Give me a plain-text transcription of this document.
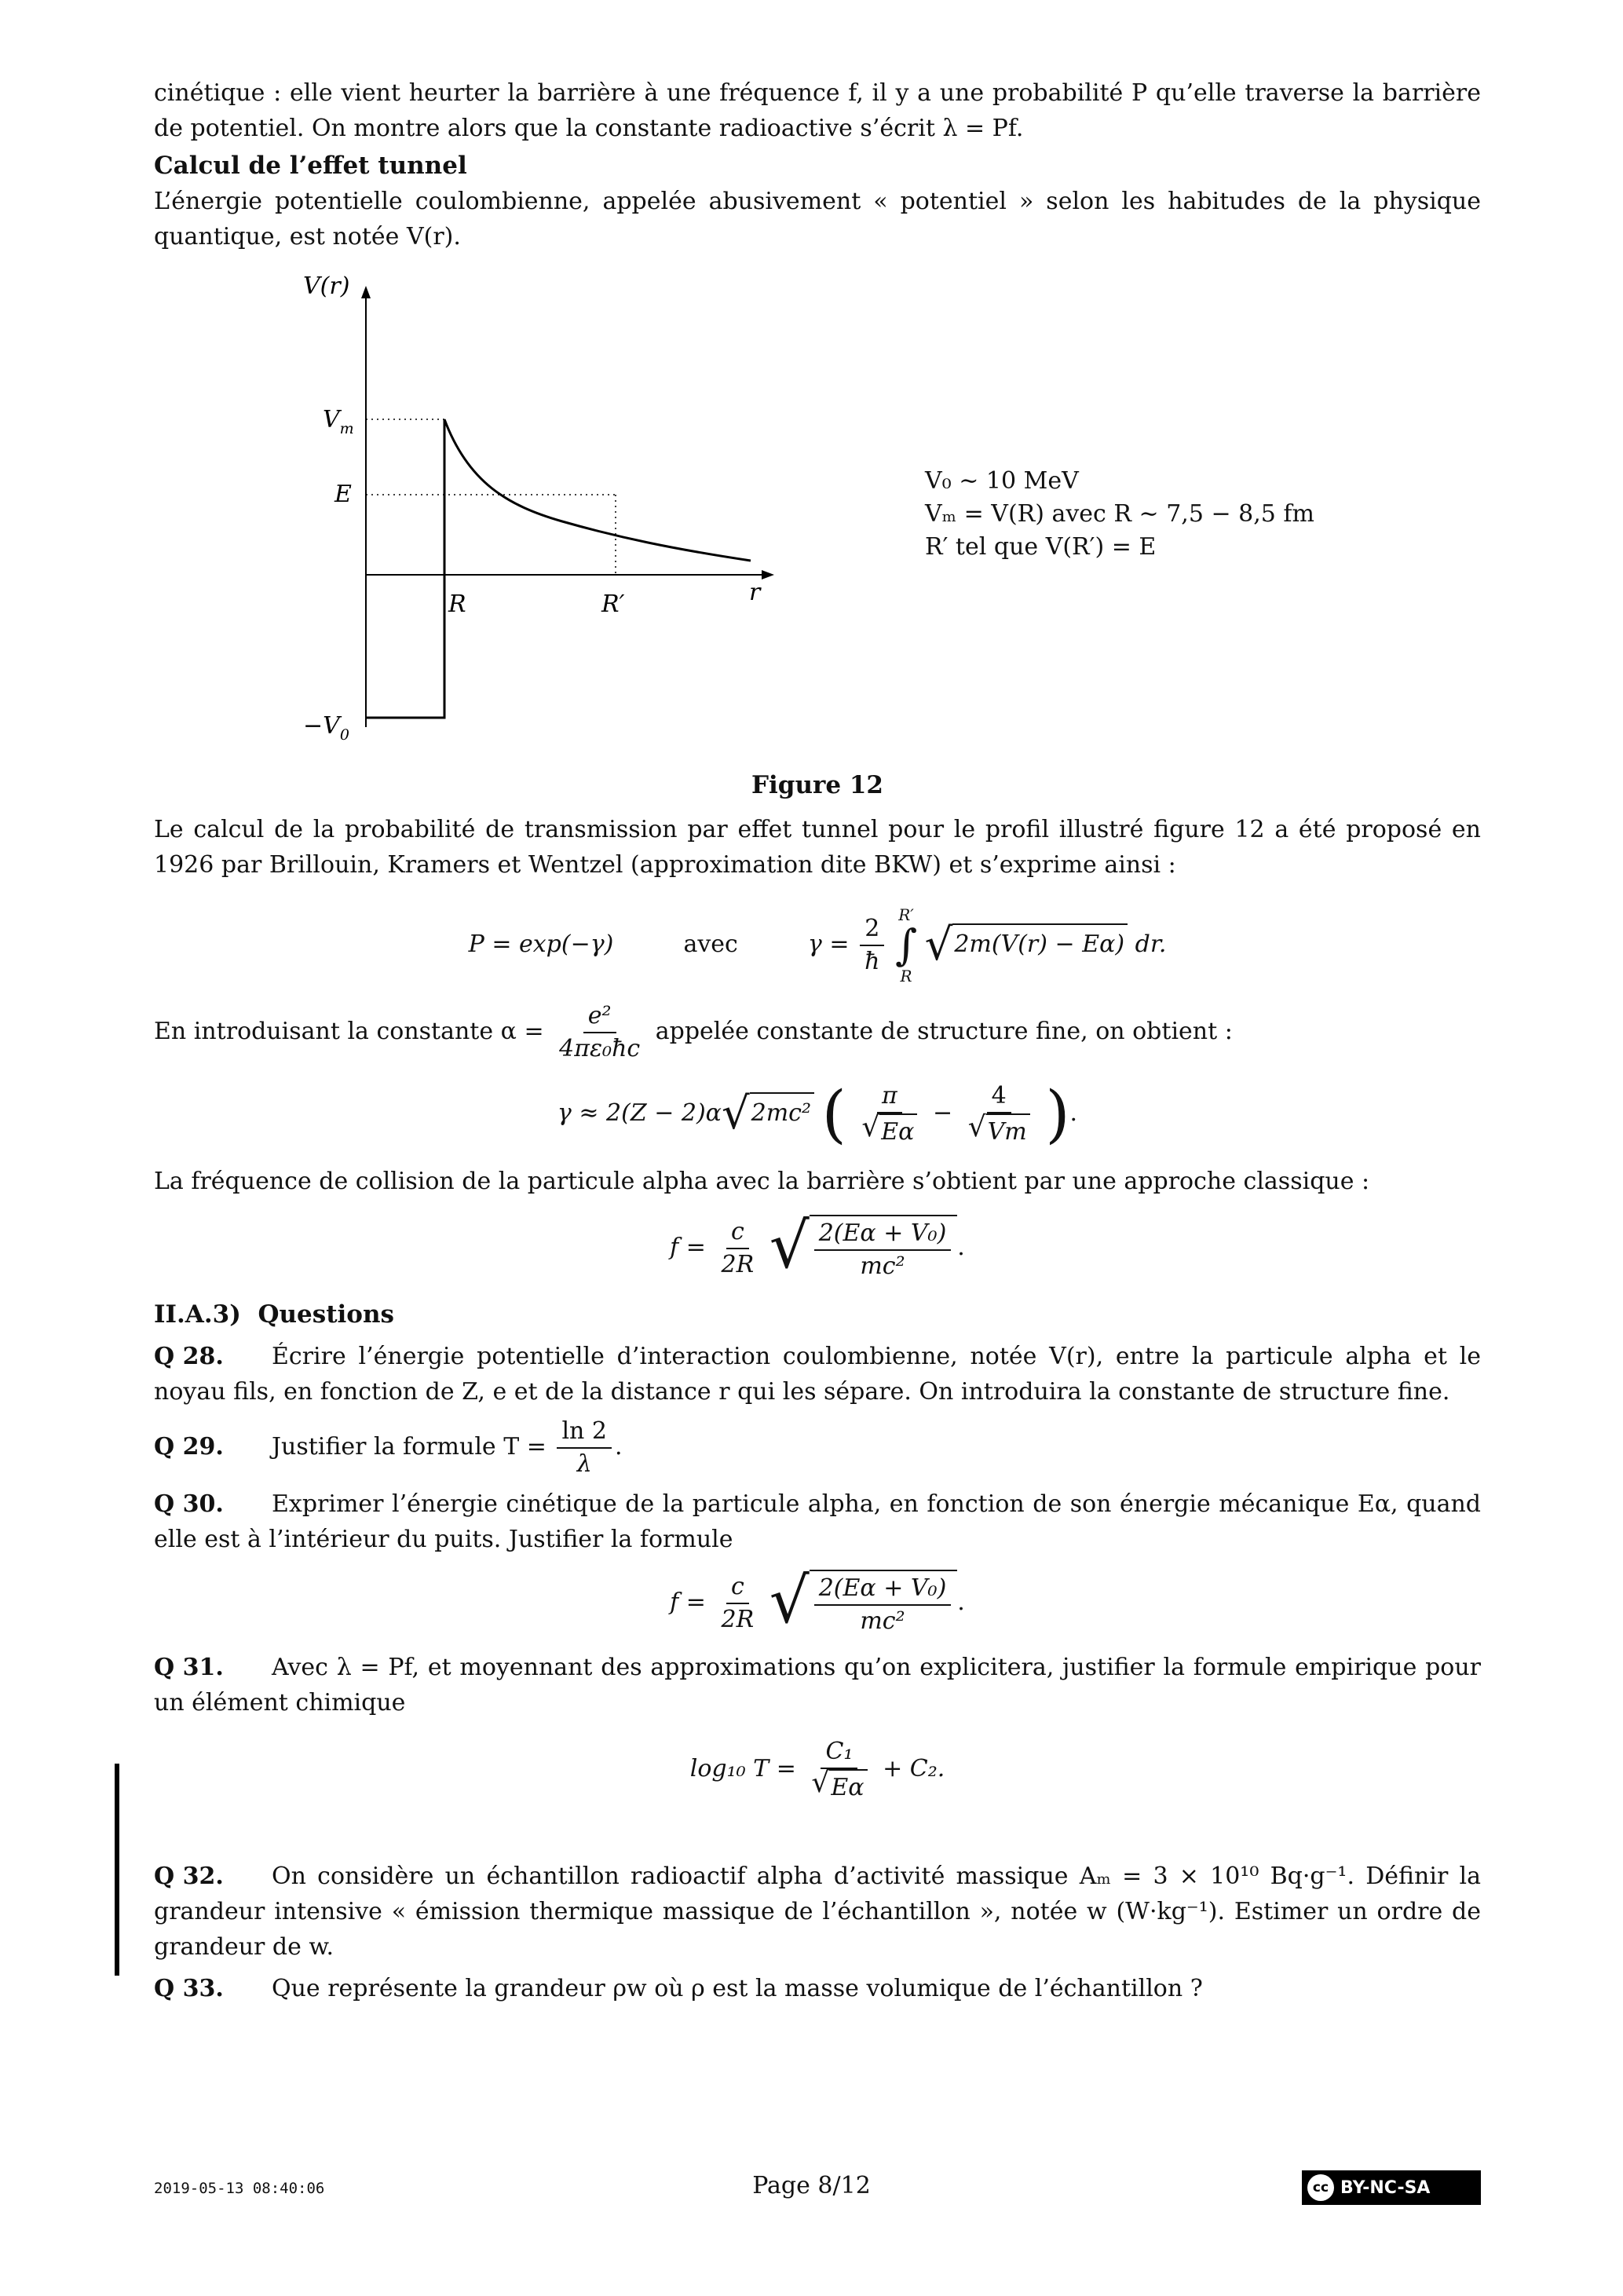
cinétique : elle vient heurter la barrière à une fréquence f, il y a une probabilité P qu’elle traverse la barrière de potentiel. On montre alors que la constante radioactive s’écrit λ = Pf.

Calcul de l’effet tunnel

L’énergie potentielle coulombienne, appelée abusivement « potentiel » selon les habitudes de la physique quantique, est notée V(r).

V(r)
$V_m$
E
$-V_0$
R	R′	r
V₀ ∼ 10 MeV
Vₘ = V(R) avec R ∼ 7,5 − 8,5 fm
R′ tel que V(R′) = E
Figure 12

Le calcul de la probabilité de transmission par effet tunnel pour le profil illustré figure 12 a été proposé en 1926 par Brillouin, Kramers et Wentzel (approximation dite BKW) et s’exprime ainsi :

P = exp(−γ)	avec	$\gamma = \frac{2}{ħ}$
R′
∫
R

√ 2m(V(r) − Eα) dr.

En introduisant la constante $\alpha = \frac{\text{e²}}{\text{4πε₀ħc}}$ appelée constante de structure fine, on obtient :

γ ≈ 2(Z − 2)α √ 2mc² ( $\frac{\pi}{√ E\alpha} - \frac{4}{√ Vm}$ ).

La fréquence de collision de la particule alpha avec la barrière s’obtient par une approche classique :

$f = \frac{c}{2R}$
√ $\frac{\text{2(Eα + V₀)}}{\text{mc²}}$ .
II.A.3) Questions

Q 28. Écrire l’énergie potentielle d’interaction coulombienne, notée V(r), entre la particule alpha et le noyau fils, en fonction de Z, e et de la distance r qui les sépare. On introduira la constante de structure fine.

Q 29. Justifier la formule $T = \frac{\ln 2}{\lambda}$ .

Q 30. Exprimer l’énergie cinétique de la particule alpha, en fonction de son énergie mécanique Eα, quand elle est à l’intérieur du puits. Justifier la formule

$f = \frac{c}{2R}$
√ $\frac{\text{2(Eα + V₀)}}{\text{mc²}}$ .

Q 31. Avec λ = Pf, et moyennant des approximations qu’on explicitera, justifier la formule empirique pour un élément chimique

log₁₀ $T = \frac{\text{C₁}}{√ E\alpha} + C_2$.

Q 32. On considère un échantillon radioactif alpha d’activité massique Aₘ = 3 × 10¹⁰ Bq·g⁻¹. Définir la grandeur intensive « émission thermique massique de l’échantillon », notée w (W·kg⁻¹). Estimer un ordre de grandeur de w.

Q 33. Que représente la grandeur ρw où ρ est la masse volumique de l’échantillon ?

2019-05-13 08:40:06	Page 8/12	cc BY-NC-SA
